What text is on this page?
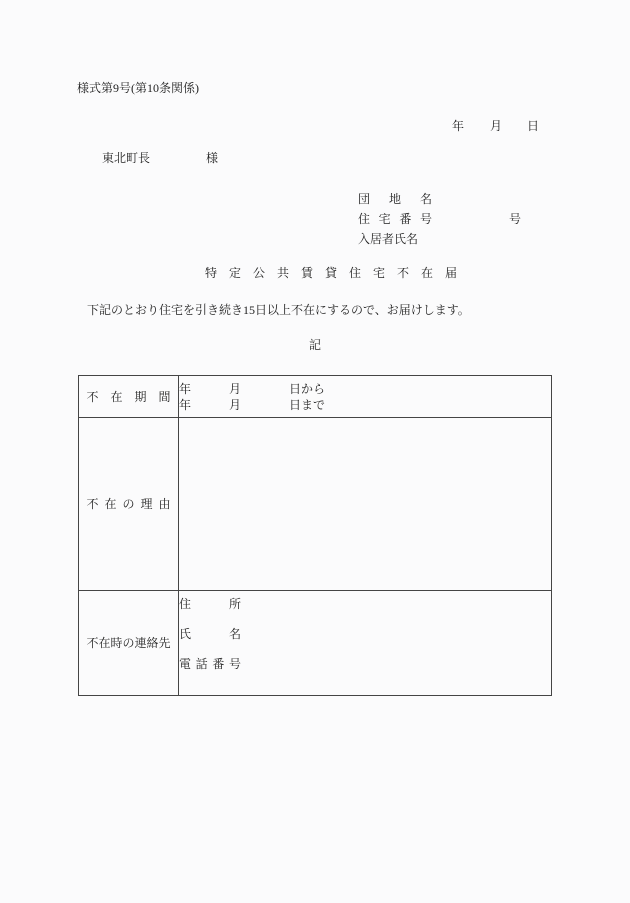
様式第9号(第10条関係)
年 月 日
東北町長	様
団地名
住宅番号	号
入居者氏名
特定公共賃貸住宅不在届
下記のとおり住宅を引き続き15日以上不在にするので、お届けします。
記
不在期間	年 月 日から
年 月 日まで

不在の理由	

不在時の連絡先	住所
氏名
電話番号
